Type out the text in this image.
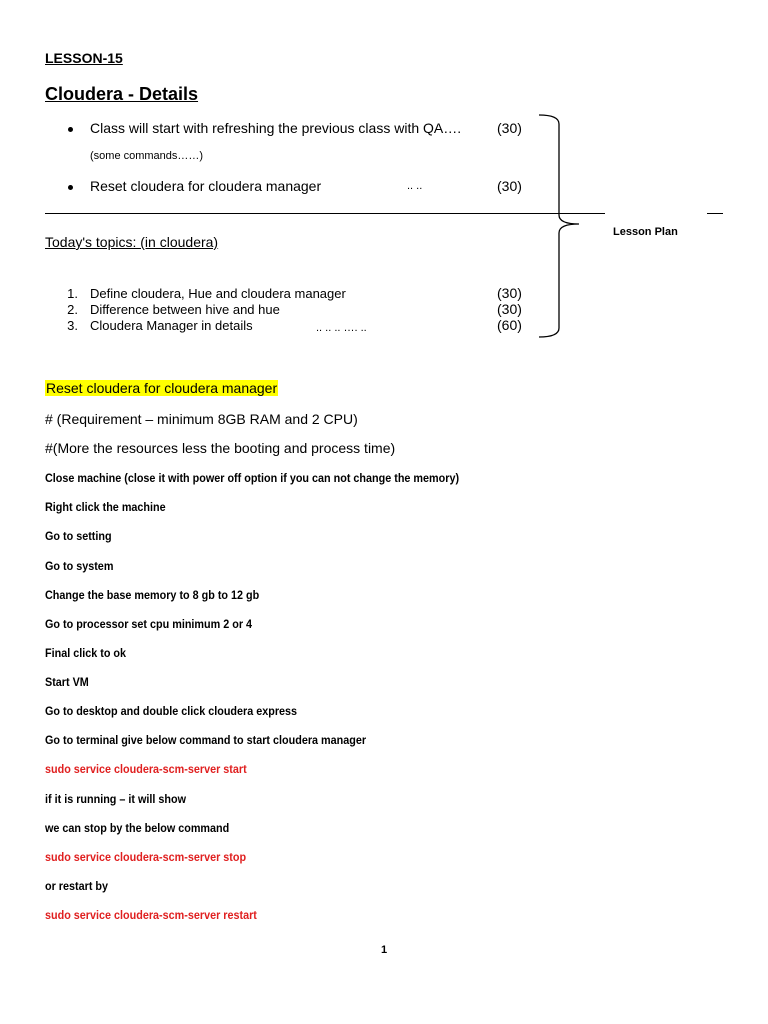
LESSON-15
Cloudera - Details
Class will start with refreshing the previous class with QA….	(30)
(some commands……)
Reset cloudera for cloudera manager	.. ..	(30)
Lesson Plan
Today's topics: (in cloudera)
1. Define cloudera, Hue and cloudera manager	(30)
2. Difference between hive and hue	(30)
3. Cloudera Manager in details	.. .. .. …. ..	(60)
Reset cloudera for cloudera manager
# (Requirement – minimum 8GB RAM and 2 CPU)
#(More the resources less the booting and process time)
Close machine (close it with power off option if you can not change the memory)
Right click the machine
Go to setting
Go to system
Change the base memory to 8 gb to 12 gb
Go to processor set cpu minimum 2 or 4
Final click to ok
Start VM
Go to desktop and double click cloudera express
Go to terminal give below command to start cloudera manager
sudo service cloudera-scm-server start
if it is running – it will show
we can stop by the below command
sudo service cloudera-scm-server stop
or restart by
sudo service cloudera-scm-server restart
1
